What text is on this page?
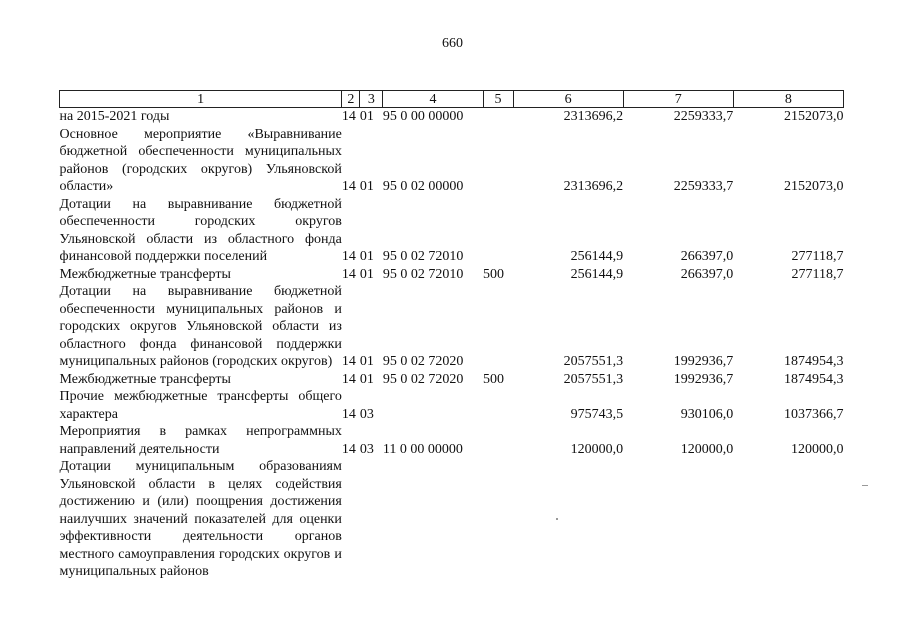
660
1	2	3	4	5	6	7	8
на 2015-2021 годы	14	01	95 0 00 00000		2313696,2	2259333,7	2152073,0
Основное мероприятие «Выравнивание бюджетной обеспеченности муниципальных районов (городских округов) Ульяновской области»	14	01	95 0 02 00000		2313696,2	2259333,7	2152073,0
Дотации на выравнивание бюджетной обеспеченности городских округов Ульяновской области из областного фонда финансовой поддержки поселений	14	01	95 0 02 72010		256144,9	266397,0	277118,7
Межбюджетные трансферты	14	01	95 0 02 72010	500	256144,9	266397,0	277118,7
Дотации на выравнивание бюджетной обеспеченности муниципальных районов и городских округов Ульяновской области из областного фонда финансовой поддержки муниципальных районов (городских округов)	14	01	95 0 02 72020		2057551,3	1992936,7	1874954,3
Межбюджетные трансферты	14	01	95 0 02 72020	500	2057551,3	1992936,7	1874954,3
Прочие межбюджетные трансферты общего характера	14	03			975743,5	930106,0	1037366,7
Мероприятия в рамках непрограммных направлений деятельности	14	03	11 0 00 00000		120000,0	120000,0	120000,0
Дотации муниципальным образованиям Ульяновской области в целях содействия достижению и (или) поощрения достижения наилучших значений показателей для оценки эффективности деятельности органов местного самоуправления городских округов и муниципальных районов							
